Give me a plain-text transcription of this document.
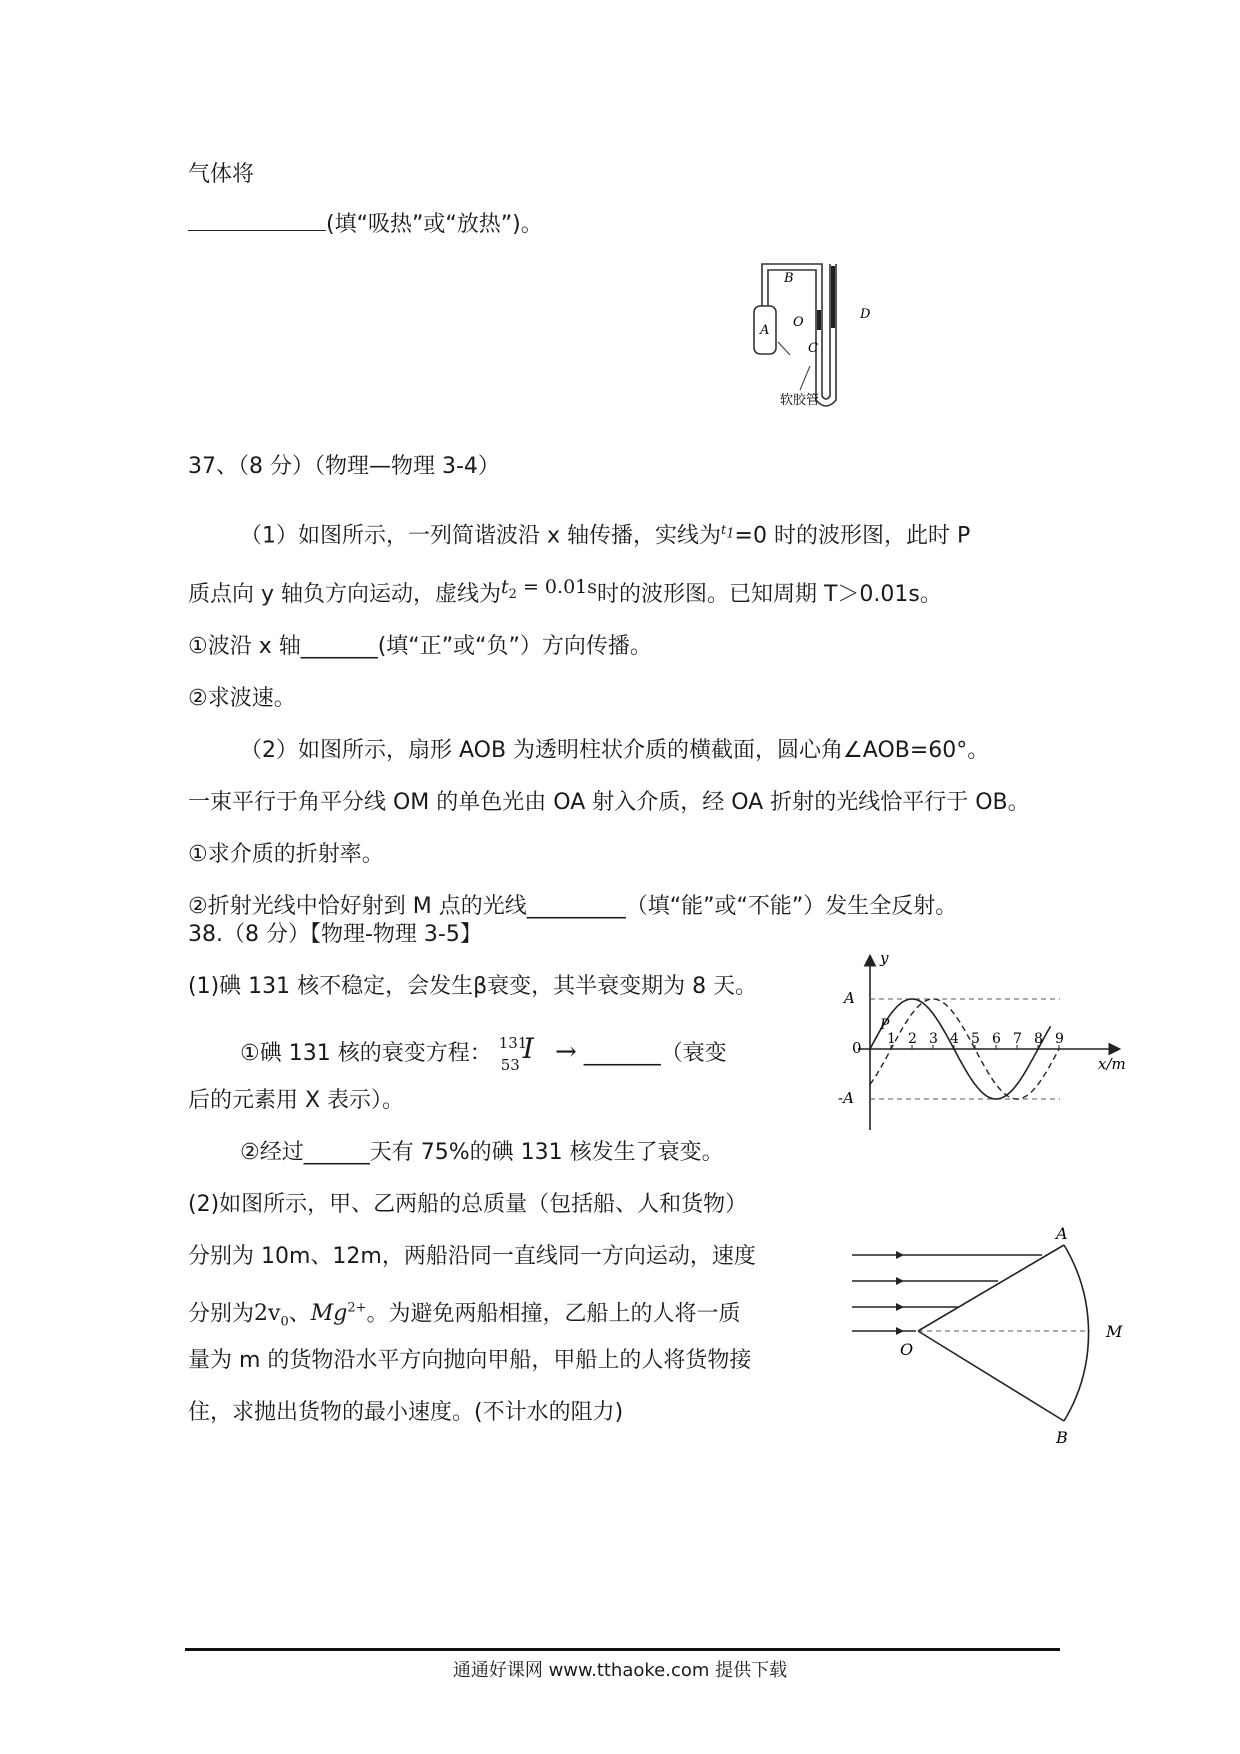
气体将
(填“吸热”或“放热”)。
A
B
O
C
D
软胶管
37、（8 分）（物理—物理 3-4）
（1）如图所示，一列简谐波沿 x 轴传播，实线为$^{t_1}$=0 时的波形图，此时 P
质点向 y 轴负方向运动，虚线为$t_2 = 0.01s$时的波形图。已知周期 T＞0.01s。
①波沿 x 轴_______(填“正”或“负”）方向传播。
②求波速。
（2）如图所示，扇形 AOB 为透明柱状介质的横截面，圆心角∠AOB=60°。
一束平行于角平分线 OM 的单色光由 OA 射入介质，经 OA 折射的光线恰平行于 OB。
①求介质的折射率。
②折射光线中恰好射到 M 点的光线_________（填“能”或“不能”）发生全反射。
38.（8 分）【物理-物理 3-5】
(1)碘 131 核不稳定，会发生β衰变，其半衰变期为 8 天。
①碘 131 核的衰变方程： 131
53 I → _______（衰变
后的元素用 X 表示）。
②经过______天有 75%的碘 131 核发生了衰变。
(2)如图所示，甲、乙两船的总质量（包括船、人和货物）
分别为 10m、12m，两船沿同一直线同一方向运动，速度
分别为$2v_0$、$Mg^{2+}$。为避免两船相撞，乙船上的人将一质
量为 m 的货物沿水平方向抛向甲船，甲船上的人将货物接
住，求抛出货物的最小速度。(不计水的阻力)
1 2 3 4 5 6 7 8 9
y
x/m
A
-A
0
P
A
B
O
M
通通好课网 www.tthaoke.com 提供下载
